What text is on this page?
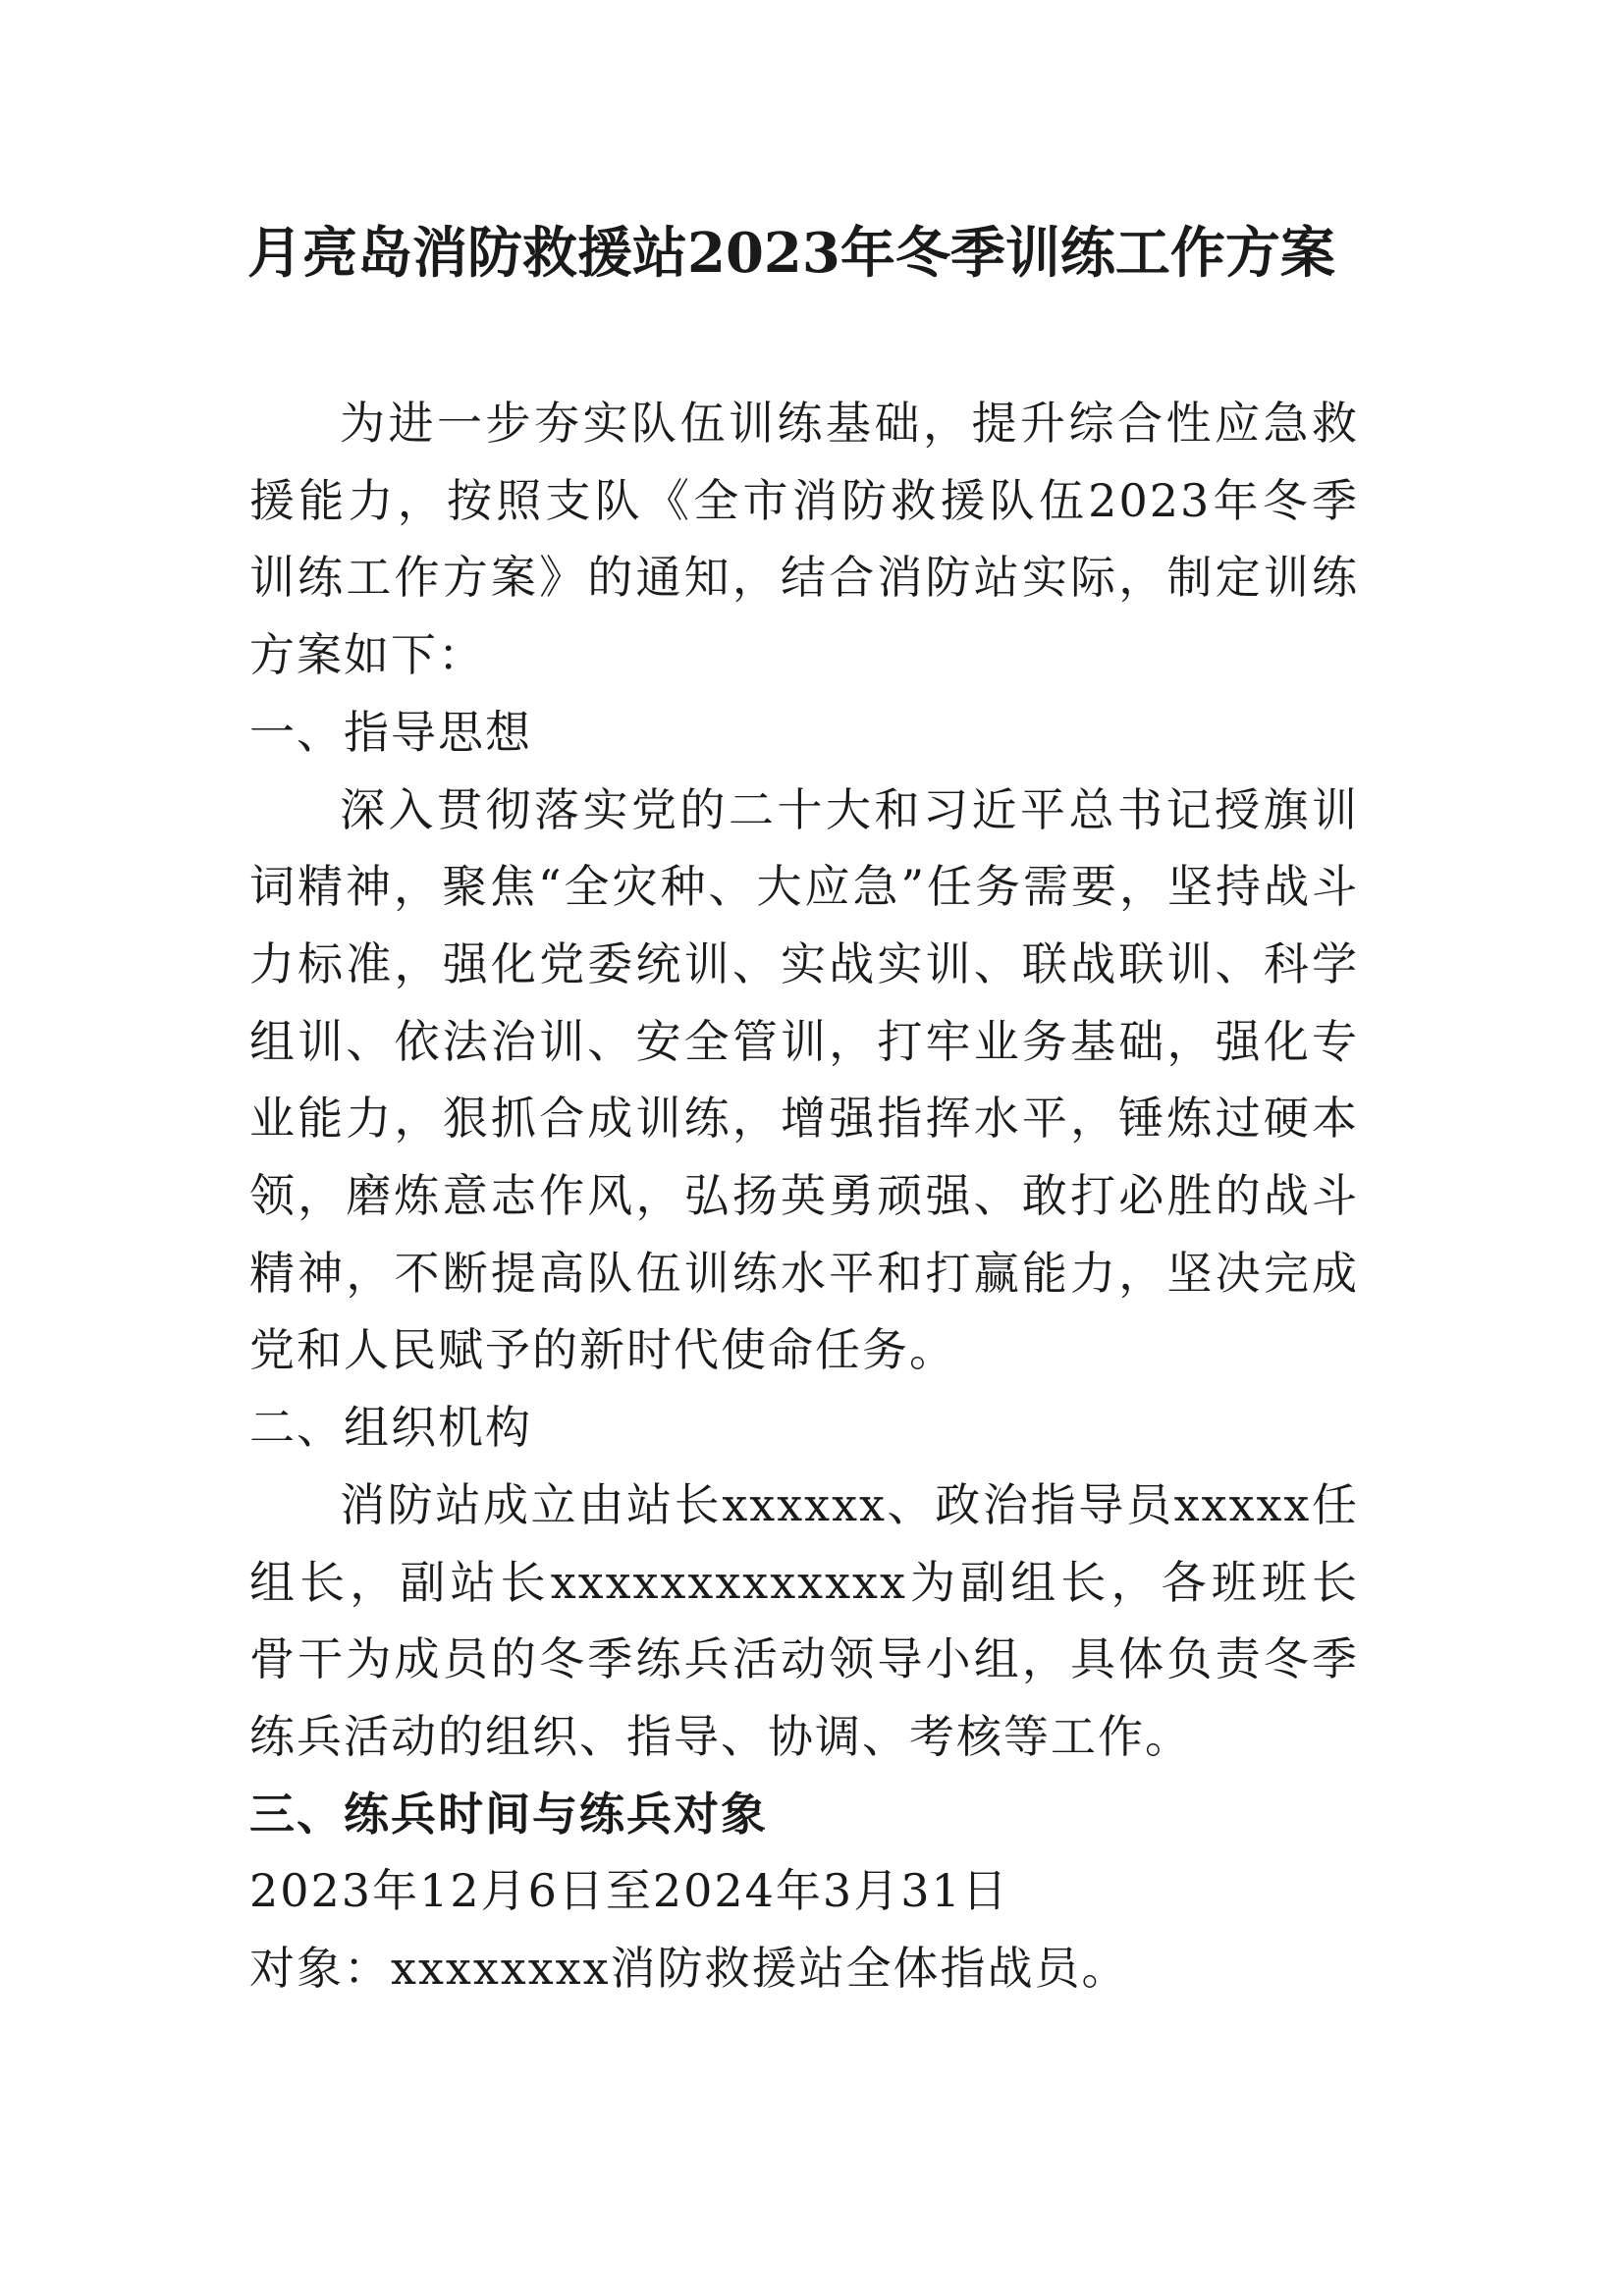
月亮岛消防救援站2023年冬季训练工作方案

为进一步夯实队伍训练基础，提升综合性应急救援能力，按照支队《全市消防救援队伍2023年冬季训练工作方案》的通知，结合消防站实际，制定训练方案如下：

一、指导思想

深入贯彻落实党的二十大和习近平总书记授旗训词精神，聚焦“全灾种、大应急”任务需要，坚持战斗力标准，强化党委统训、实战实训、联战联训、科学组训、依法治训、安全管训，打牢业务基础，强化专业能力，狠抓合成训练，增强指挥水平，锤炼过硬本领，磨炼意志作风，弘扬英勇顽强、敢打必胜的战斗精神，不断提高队伍训练水平和打赢能力，坚决完成党和人民赋予的新时代使命任务。

二、组织机构

消防站成立由站长xxxxxx、政治指导员xxxxx任组长，副站长xxxxxxxxxxxxx为副组长，各班班长骨干为成员的冬季练兵活动领导小组，具体负责冬季练兵活动的组织、指导、协调、考核等工作。

三、练兵时间与练兵对象

2023年12月6日至2024年3月31日

对象：xxxxxxxx消防救援站全体指战员。
